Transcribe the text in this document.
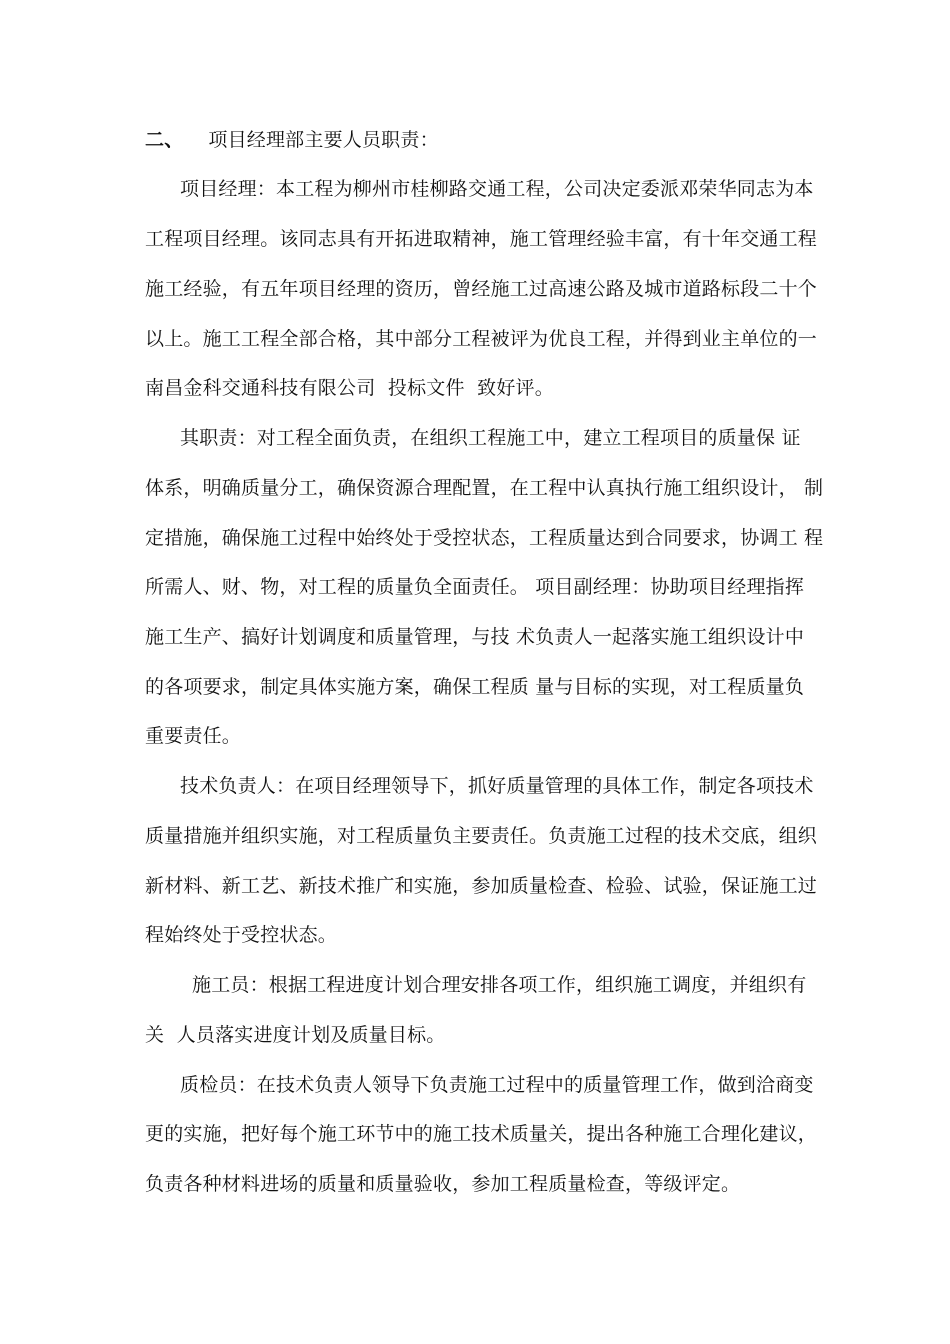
二、 项目经理部主要人员职责：
项目经理：本工程为柳州市桂柳路交通工程，公司决定委派邓荣华同志为本
工程项目经理。该同志具有开拓进取精神，施工管理经验丰富，有十年交通工程
施工经验，有五年项目经理的资历，曾经施工过高速公路及城市道路标段二十个
以上。施工工程全部合格，其中部分工程被评为优良工程，并得到业主单位的一
南昌金科交通科技有限公司  投标文件  致好评。
其职责：对工程全面负责，在组织工程施工中，建立工程项目的质量保 证
体系，明确质量分工，确保资源合理配置，在工程中认真执行施工组织设计， 制
定措施，确保施工过程中始终处于受控状态，工程质量达到合同要求，协调工 程
所需人、财、物，对工程的质量负全面责任。 项目副经理：协助项目经理指挥
施工生产、搞好计划调度和质量管理，与技 术负责人一起落实施工组织设计中
的各项要求，制定具体实施方案，确保工程质 量与目标的实现，对工程质量负
重要责任。
技术负责人：在项目经理领导下，抓好质量管理的具体工作，制定各项技术
质量措施并组织实施，对工程质量负主要责任。负责施工过程的技术交底，组织
新材料、新工艺、新技术推广和实施，参加质量检查、检验、试验，保证施工过
程始终处于受控状态。
施工员：根据工程进度计划合理安排各项工作，组织施工调度，并组织有
关  人员落实进度计划及质量目标。
质检员：在技术负责人领导下负责施工过程中的质量管理工作，做到洽商变
更的实施，把好每个施工环节中的施工技术质量关，提出各种施工合理化建议，
负责各种材料进场的质量和质量验收，参加工程质量检查，等级评定。
